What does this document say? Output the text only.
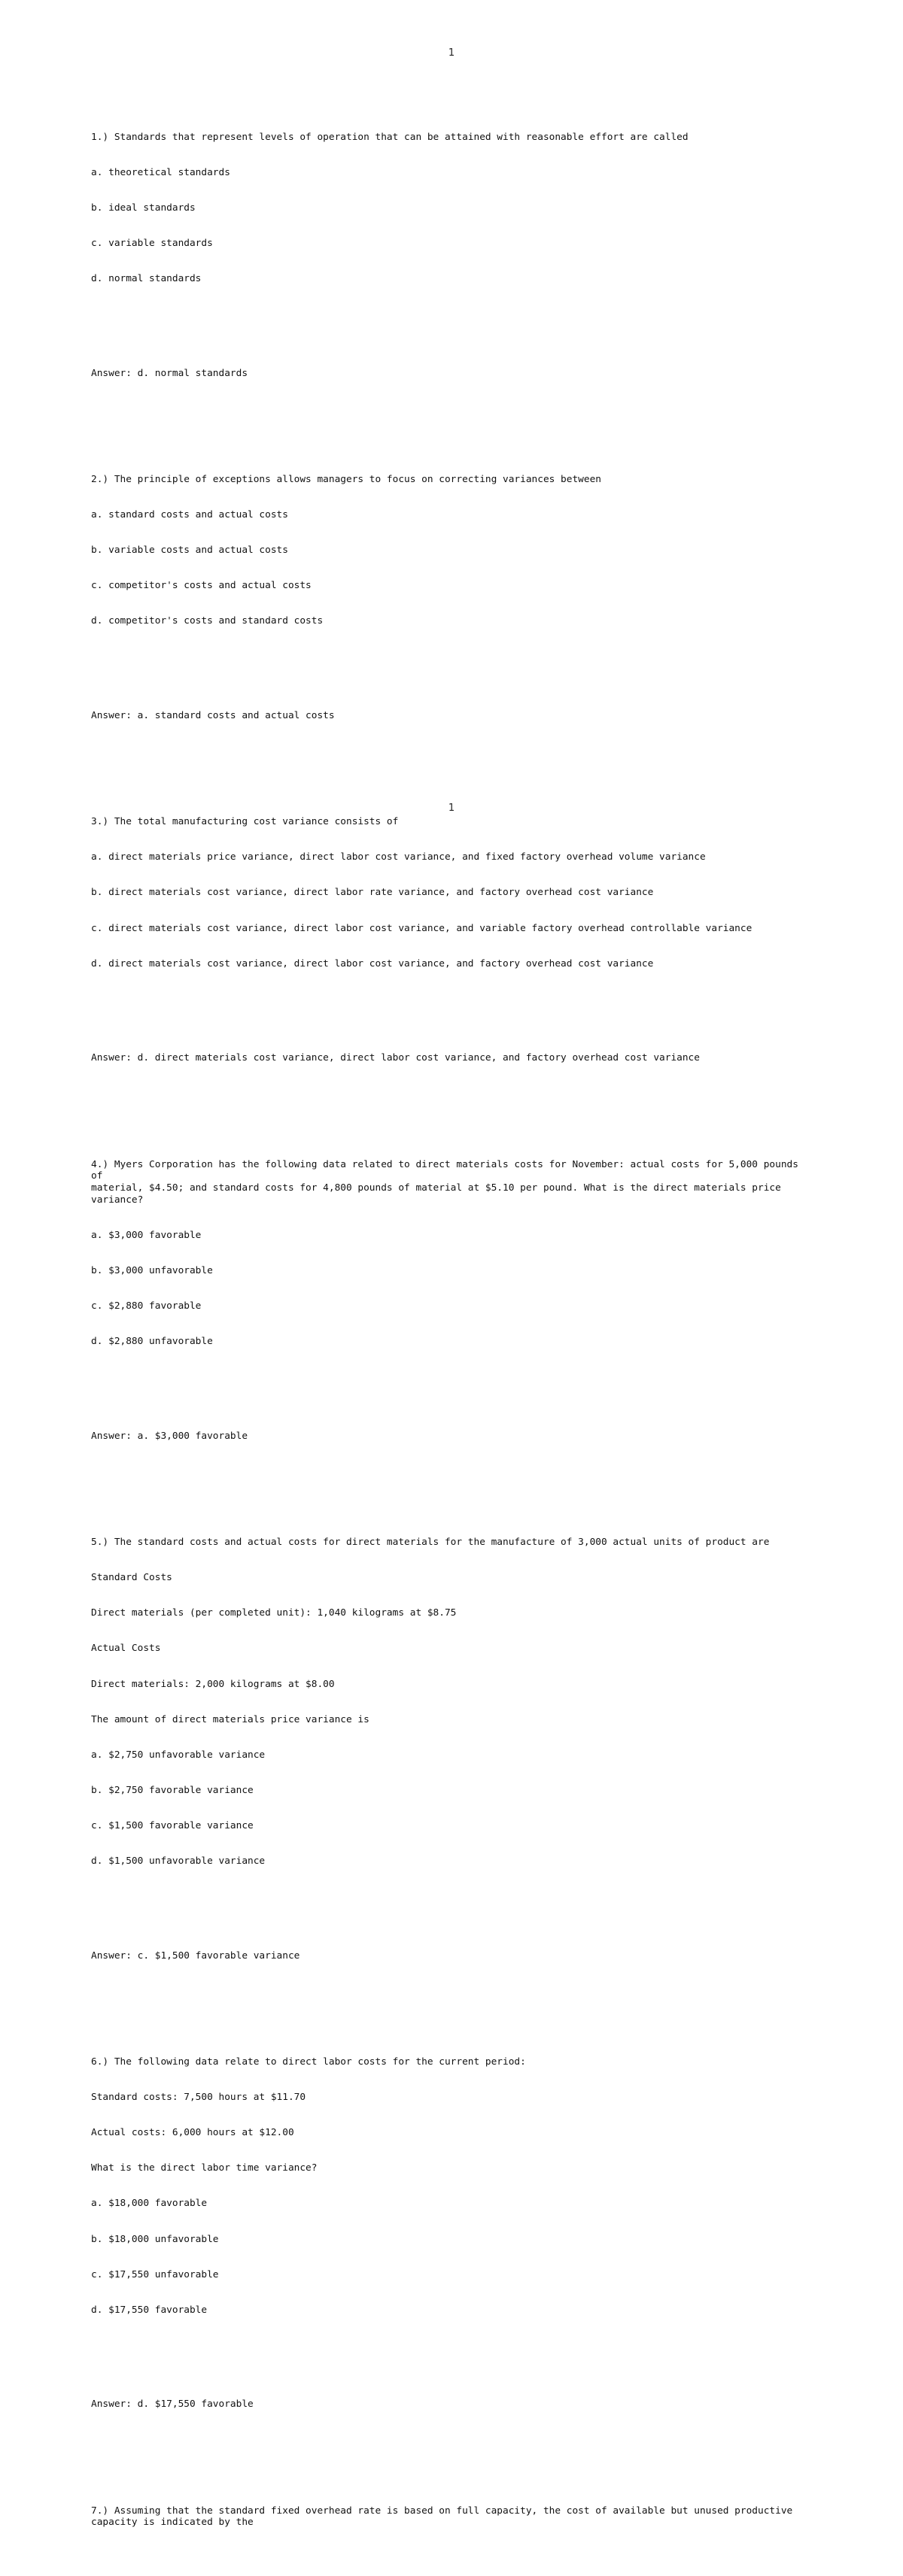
1

1.) Standards that represent levels of operation that can be attained with reasonable effort are called

a. theoretical standards

b. ideal standards

c. variable standards

d. normal standards

Answer: d. normal standards

2.) The principle of exceptions allows managers to focus on correcting variances between

a. standard costs and actual costs

b. variable costs and actual costs

c. competitor's costs and actual costs

d. competitor's costs and standard costs

Answer: a. standard costs and actual costs

3.) The total manufacturing cost variance consists of

a. direct materials price variance, direct labor cost variance, and fixed factory overhead volume variance

b. direct materials cost variance, direct labor rate variance, and factory overhead cost variance

c. direct materials cost variance, direct labor cost variance, and variable factory overhead controllable variance

d. direct materials cost variance, direct labor cost variance, and factory overhead cost variance

Answer: d. direct materials cost variance, direct labor cost variance, and factory overhead cost variance

4.) Myers Corporation has the following data related to direct materials costs for November: actual costs for 5,000 pounds of
material, $4.50; and standard costs for 4,800 pounds of material at $5.10 per pound. What is the direct materials price variance?

a. $3,000 favorable

b. $3,000 unfavorable

c. $2,880 favorable

d. $2,880 unfavorable

Answer: a. $3,000 favorable

5.) The standard costs and actual costs for direct materials for the manufacture of 3,000 actual units of product are

Standard Costs

Direct materials (per completed unit): 1,040 kilograms at $8.75

Actual Costs

Direct materials: 2,000 kilograms at $8.00

The amount of direct materials price variance is

a. $2,750 unfavorable variance

b. $2,750 favorable variance

c. $1,500 favorable variance

d. $1,500 unfavorable variance

Answer: c. $1,500 favorable variance

6.) The following data relate to direct labor costs for the current period:

Standard costs: 7,500 hours at $11.70

Actual costs: 6,000 hours at $12.00

What is the direct labor time variance?

a. $18,000 favorable

b. $18,000 unfavorable

c. $17,550 unfavorable

d. $17,550 favorable

Answer: d. $17,550 favorable

7.) Assuming that the standard fixed overhead rate is based on full capacity, the cost of available but unused productive
capacity is indicated by the

1
